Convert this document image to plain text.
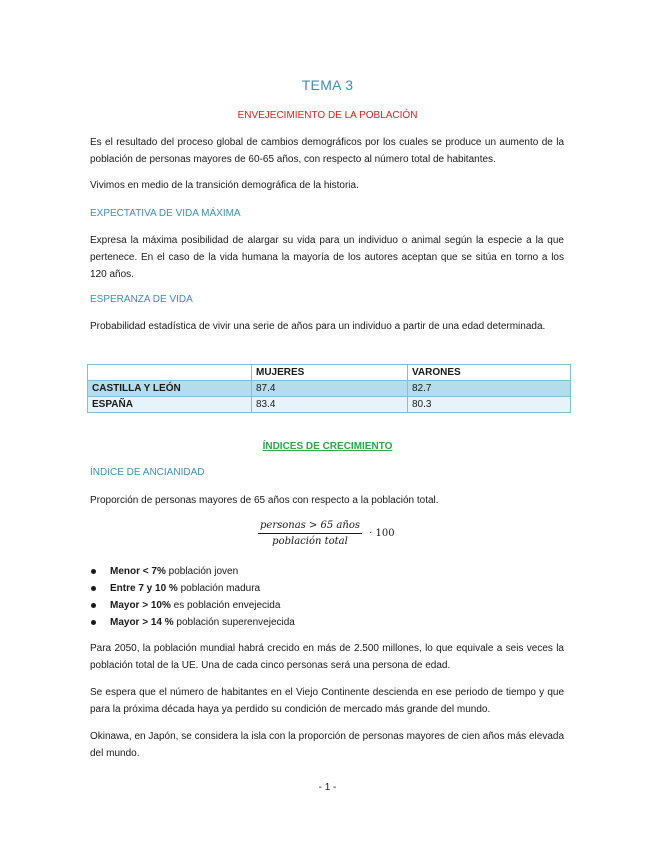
TEMA 3
ENVEJECIMIENTO DE LA POBLACIÓN
Es el resultado del proceso global de cambios demográficos por los cuales se produce un aumento de la población de personas mayores de 60-65 años, con respecto al número total de habitantes.
Vivimos en medio de la transición demográfica de la historia.
EXPECTATIVA DE VIDA MÁXIMA
Expresa la máxima posibilidad de alargar su vida para un individuo o animal según la especie a la que pertenece. En el caso de la vida humana la mayoría de los autores aceptan que se sitúa en torno a los 120 años.
ESPERANZA DE VIDA
Probabilidad estadística de vivir una serie de años para un individuo a partir de una edad determinada.
	MUJERES	VARONES
CASTILLA Y LEÓN	87.4	82.7
ESPAÑA	83.4	80.3
ÍNDICES DE CRECIMIENTO
ÍNDICE DE ANCIANIDAD
Proporción de personas mayores de 65 años con respecto a la población total.
$\frac{\text{personas > 65 años}}{\text{población total}} \cdot 100$
Menor < 7% población joven
Entre 7 y 10 % población madura
Mayor > 10% es población envejecida
Mayor > 14 % población superenvejecida
Para 2050, la población mundial habrá crecido en más de 2.500 millones, lo que equivale a seis veces la población total de la UE. Una de cada cinco personas será una persona de edad.
Se espera que el número de habitantes en el Viejo Continente descienda en ese periodo de tiempo y que para la próxima década haya ya perdido su condición de mercado más grande del mundo.
Okinawa, en Japón, se considera la isla con la proporción de personas mayores de cien años más elevada del mundo.
- 1 -
